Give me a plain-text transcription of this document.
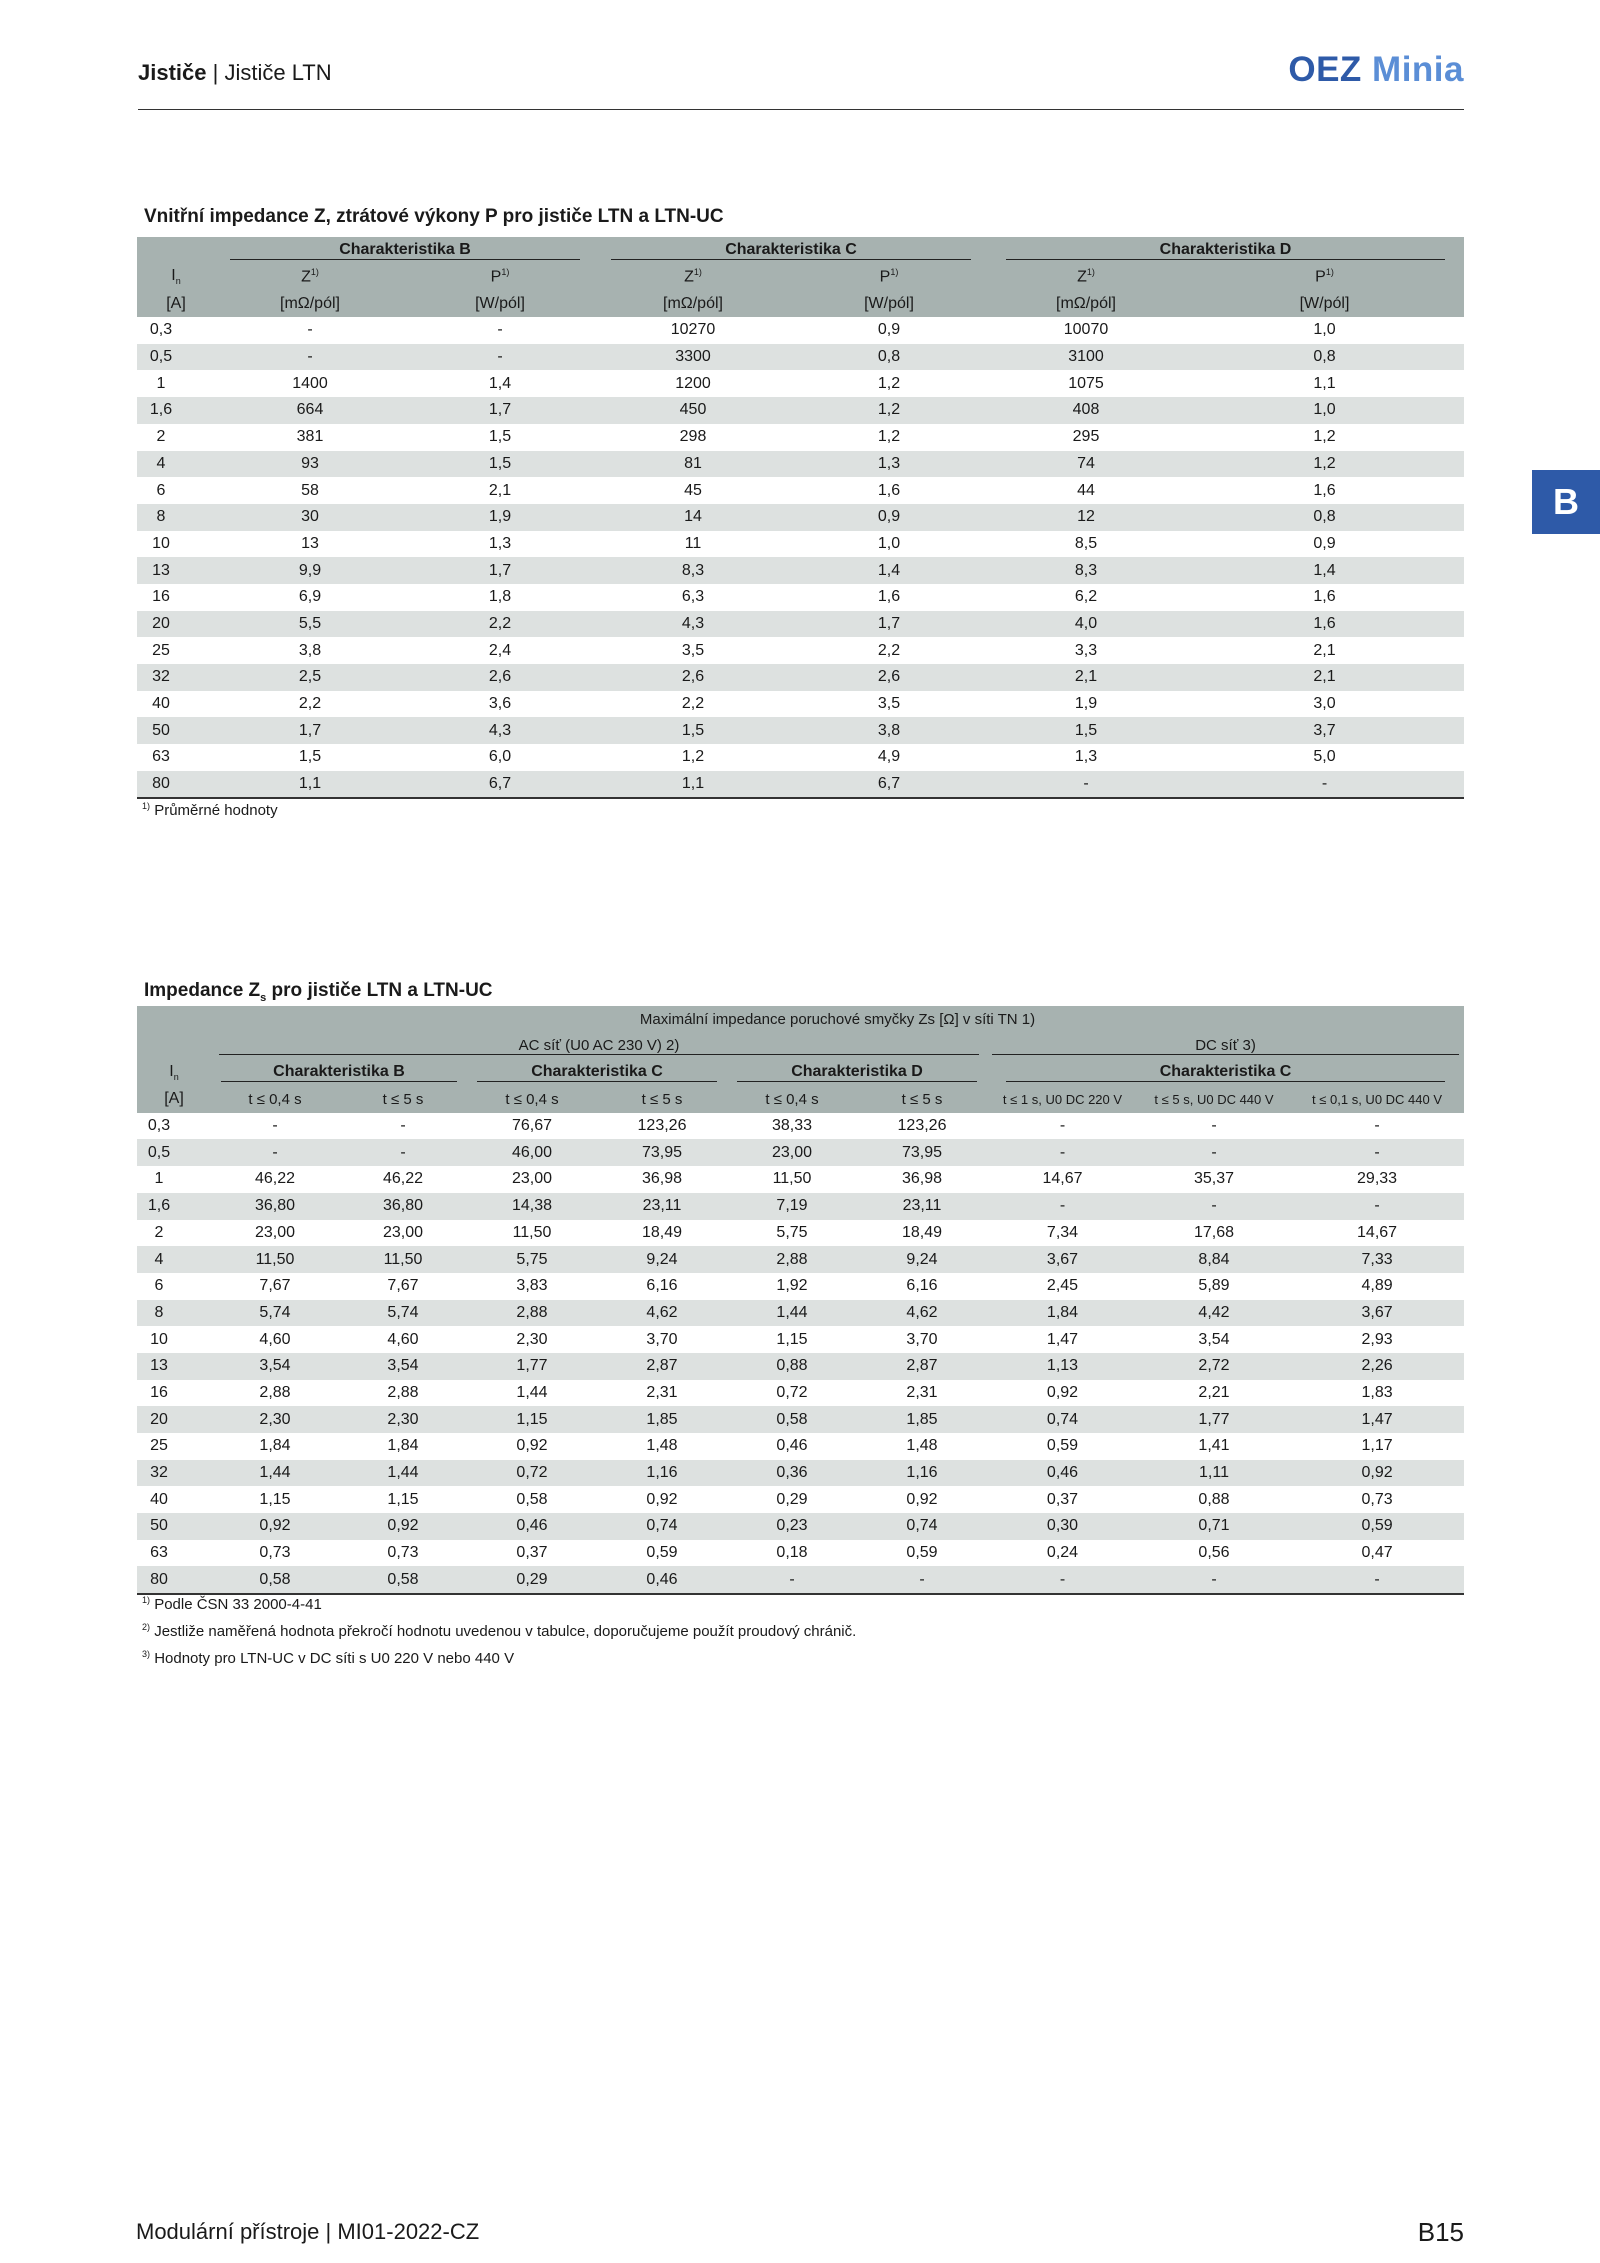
Jističe | Jističe LTN	OEZ Minia
B
Vnitřní impedance Z, ztrátové výkony P pro jističe LTN a LTN-UC
	Charakteristika B		Charakteristika C		Charakteristika D	
$I_n$	$Z^{1)}$	$P^{1)}$	$Z^{1)}$	$P^{1)}$	$Z^{1)}$	$P^{1)}$
[A]	[mΩ/pól]	[W/pól]	[mΩ/pól]	[W/pól]	[mΩ/pól]	[W/pól]
0,3	-	-	10270	0,9	10070	1,0
0,5	-	-	3300	0,8	3100	0,8
1	1400	1,4	1200	1,2	1075	1,1
1,6	664	1,7	450	1,2	408	1,0
2	381	1,5	298	1,2	295	1,2
4	93	1,5	81	1,3	74	1,2
6	58	2,1	45	1,6	44	1,6
8	30	1,9	14	0,9	12	0,8
10	13	1,3	11	1,0	8,5	0,9
13	9,9	1,7	8,3	1,4	8,3	1,4
16	6,9	1,8	6,3	1,6	6,2	1,6
20	5,5	2,2	4,3	1,7	4,0	1,6
25	3,8	2,4	3,5	2,2	3,3	2,1
32	2,5	2,6	2,6	2,6	2,1	2,1
40	2,2	3,6	2,2	3,5	1,9	3,0
50	1,7	4,3	1,5	3,8	1,5	3,7
63	1,5	6,0	1,2	4,9	1,3	5,0
80	1,1	6,7	1,1	6,7	-	-
$^{1)}$ Průměrné hodnoty
Impedance $Z_s$ pro jističe LTN a LTN-UC
	Maximální impedance poruchové smyčky Zs [Ω] v síti TN 1)								
	AC síť (U0 AC 230 V) 2)						DC síť 3)		
$I_n$	Charakteristika B		Charakteristika C		Charakteristika D		Charakteristika C		
[A]	t ≤ 0,4 s	t ≤ 5 s	t ≤ 0,4 s	t ≤ 5 s	t ≤ 0,4 s	t ≤ 5 s	t ≤ 1 s, U0 DC 220 V	t ≤ 5 s, U0 DC 440 V	t ≤ 0,1 s, U0 DC 440 V
0,3	-	-	76,67	123,26	38,33	123,26	-	-	-
0,5	-	-	46,00	73,95	23,00	73,95	-	-	-
1	46,22	46,22	23,00	36,98	11,50	36,98	14,67	35,37	29,33
1,6	36,80	36,80	14,38	23,11	7,19	23,11	-	-	-
2	23,00	23,00	11,50	18,49	5,75	18,49	7,34	17,68	14,67
4	11,50	11,50	5,75	9,24	2,88	9,24	3,67	8,84	7,33
6	7,67	7,67	3,83	6,16	1,92	6,16	2,45	5,89	4,89
8	5,74	5,74	2,88	4,62	1,44	4,62	1,84	4,42	3,67
10	4,60	4,60	2,30	3,70	1,15	3,70	1,47	3,54	2,93
13	3,54	3,54	1,77	2,87	0,88	2,87	1,13	2,72	2,26
16	2,88	2,88	1,44	2,31	0,72	2,31	0,92	2,21	1,83
20	2,30	2,30	1,15	1,85	0,58	1,85	0,74	1,77	1,47
25	1,84	1,84	0,92	1,48	0,46	1,48	0,59	1,41	1,17
32	1,44	1,44	0,72	1,16	0,36	1,16	0,46	1,11	0,92
40	1,15	1,15	0,58	0,92	0,29	0,92	0,37	0,88	0,73
50	0,92	0,92	0,46	0,74	0,23	0,74	0,30	0,71	0,59
63	0,73	0,73	0,37	0,59	0,18	0,59	0,24	0,56	0,47
80	0,58	0,58	0,29	0,46	-	-	-	-	-
$^{1)}$ Podle ČSN 33 2000-4-41
$^{2)}$ Jestliže naměřená hodnota překročí hodnotu uvedenou v tabulce, doporučujeme použít proudový chránič.
$^{3)}$ Hodnoty pro LTN-UC v DC síti s U0 220 V nebo 440 V
Modulární přístroje | MI01-2022-CZ	B15
